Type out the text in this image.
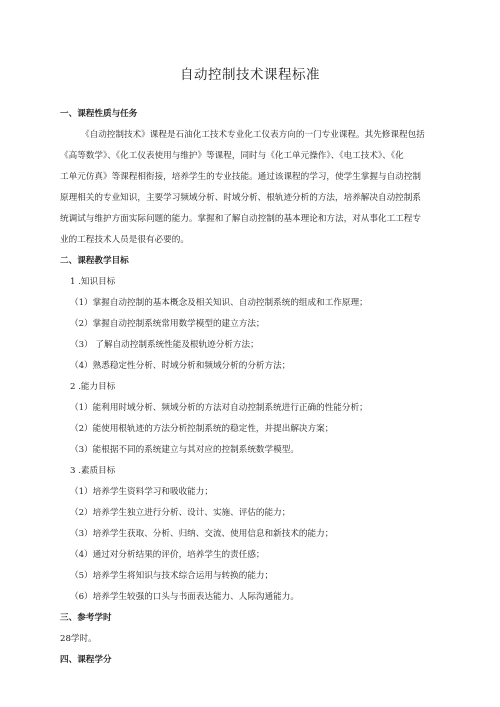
自动控制技术课程标准
一、课程性质与任务
《自动控制技术》课程是石油化工技术专业化工仪表方向的一门专业课程。其先修课程包括
《高等数学》、《化工仪表使用与维护》等课程，同时与《化工单元操作》、《电工技术》、《化
工单元仿真》等课程相衔接，培养学生的专业技能。通过该课程的学习，使学生掌握与自动控制
原理相关的专业知识，主要学习频域分析、时域分析、根轨迹分析的方法，培养解决自动控制系
统调试与维护方面实际问题的能力。掌握和了解自动控制的基本理论和方法，对从事化工工程专
业的工程技术人员是很有必要的。
二、课程教学目标
1 .知识目标
（1）掌握自动控制的基本概念及相关知识、自动控制系统的组成和工作原理；
（2）掌握自动控制系统常用数学模型的建立方法；
（3） 了解自动控制系统性能及根轨迹分析方法；
（4）熟悉稳定性分析、时域分析和频域分析的分析方法；
2 .能力目标
（1）能利用时域分析、频域分析的方法对自动控制系统进行正确的性能分析；
（2）能使用根轨迹的方法分析控制系统的稳定性，并提出解决方案；
（3）能根据不同的系统建立与其对应的控制系统数学模型。
3 .素质目标
（1）培养学生资料学习和吸收能力；
（2）培养学生独立进行分析、设计、实施、评估的能力；
（3）培养学生获取、分析、归纳、交流、使用信息和新技术的能力；
（4）通过对分析结果的评价，培养学生的责任感；
（5）培养学生将知识与技术综合运用与转换的能力；
（6）培养学生较强的口头与书面表达能力、人际沟通能力。
三、参考学时
28学时。
四、课程学分
